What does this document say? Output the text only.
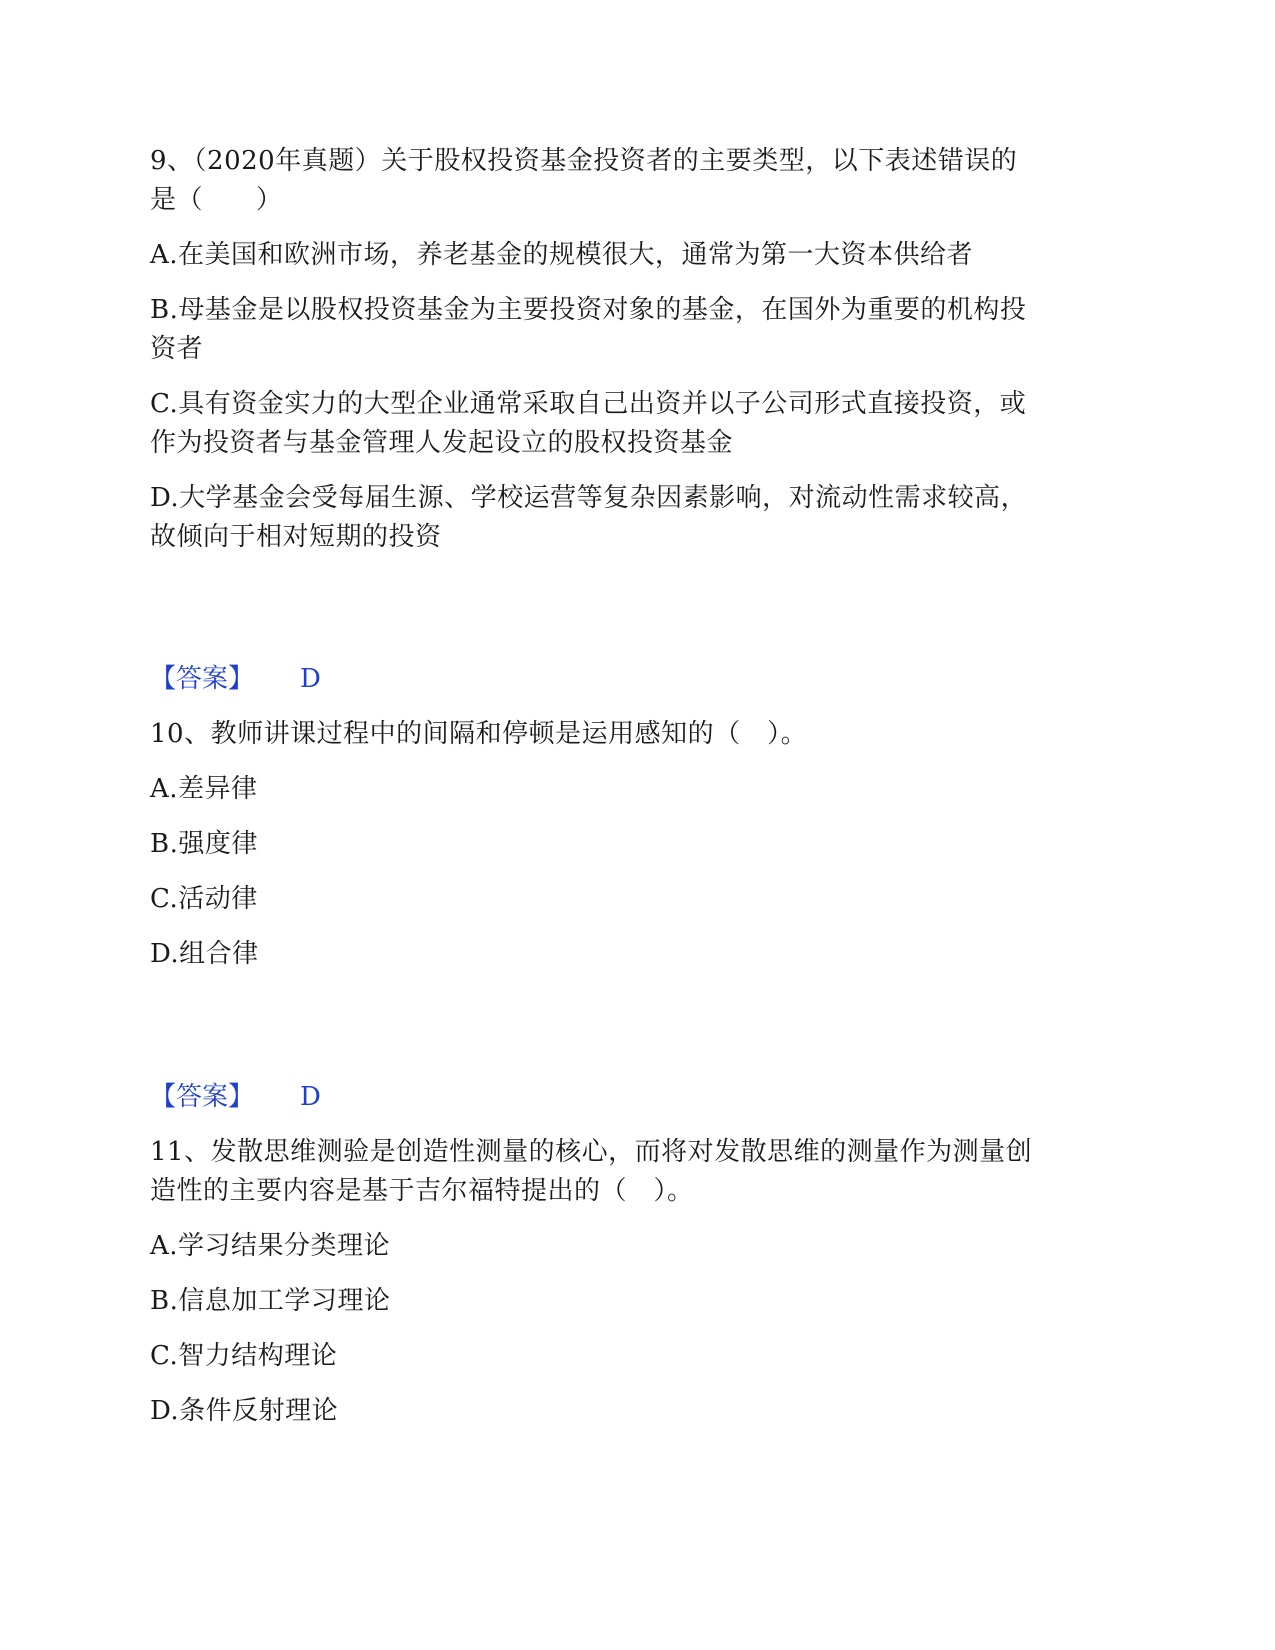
9、（2020年真题）关于股权投资基金投资者的主要类型，以下表述错误的

是（　　）

A.在美国和欧洲市场，养老基金的规模很大，通常为第一大资本供给者

B.母基金是以股权投资基金为主要投资对象的基金，在国外为重要的机构投

资者

C.具有资金实力的大型企业通常采取自己出资并以子公司形式直接投资，或

作为投资者与基金管理人发起设立的股权投资基金

D.大学基金会受每届生源、学校运营等复杂因素影响，对流动性需求较高，

故倾向于相对短期的投资

【答案】 D

10、教师讲课过程中的间隔和停顿是运用感知的（　）。

A.差异律

B.强度律

C.活动律

D.组合律

【答案】 D

11、发散思维测验是创造性测量的核心，而将对发散思维的测量作为测量创

造性的主要内容是基于吉尔福特提出的（　）。

A.学习结果分类理论

B.信息加工学习理论

C.智力结构理论

D.条件反射理论
